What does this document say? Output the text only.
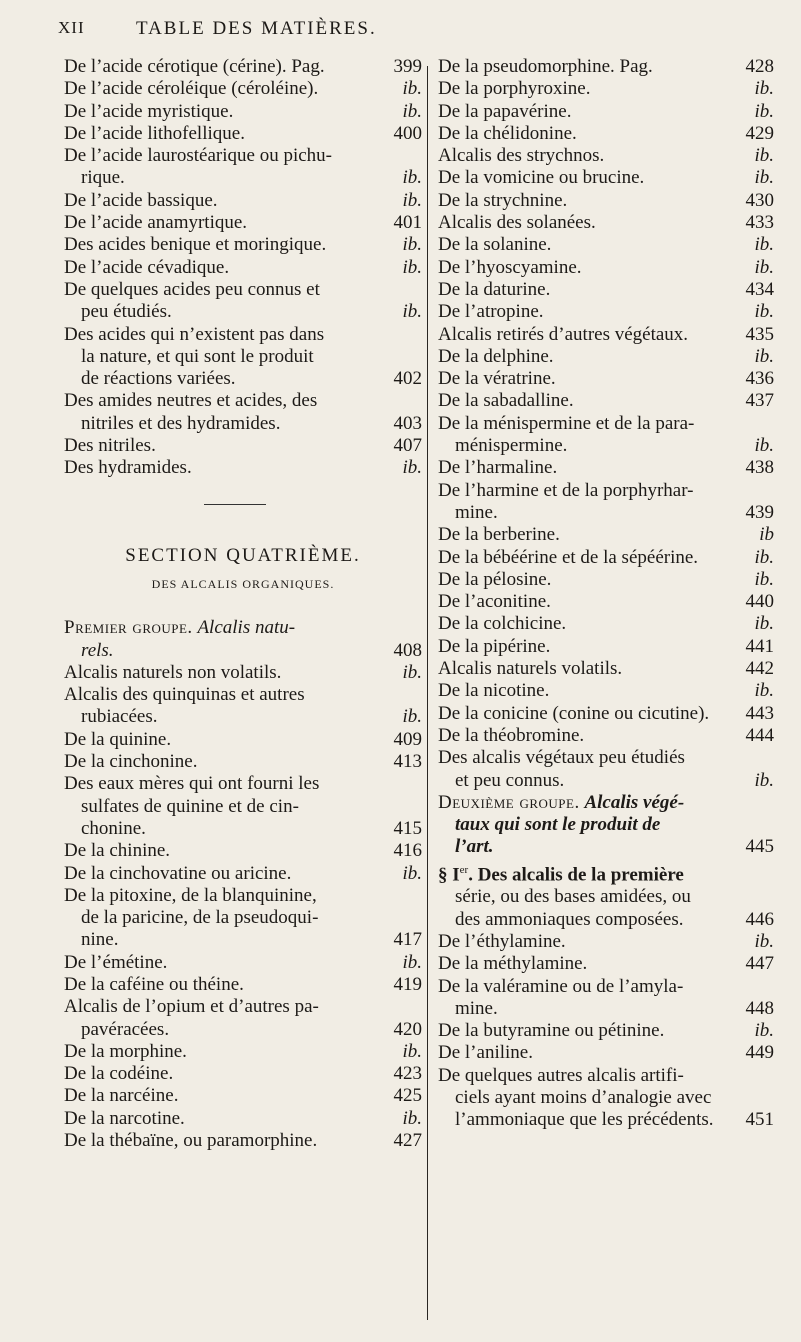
XII	TABLE DES MATIÈRES.
De l’acide cérotique (cérine). Pag.	399
De l’acide céroléique (céroléine).	ib.
De l’acide myristique.	ib.
De l’acide lithofellique.	400
De l’acide laurostéarique ou pichu-
rique.	ib.
De l’acide bassique.	ib.
De l’acide anamyrtique.	401
Des acides benique et moringique.	ib.
De l’acide cévadique.	ib.
De quelques acides peu connus et
peu étudiés.	ib.
Des acides qui n’existent pas dans
la nature, et qui sont le produit
de réactions variées.	402
Des amides neutres et acides, des
nitriles et des hydramides.	403
Des nitriles.	407
Des hydramides.	ib.
SECTION QUATRIÈME.
DES ALCALIS ORGANIQUES.
Premier groupe. Alcalis natu-
rels.	408
Alcalis naturels non volatils.	ib.
Alcalis des quinquinas et autres
rubiacées.	ib.
De la quinine.	409
De la cinchonine.	413
Des eaux mères qui ont fourni les
sulfates de quinine et de cin-
chonine.	415
De la chinine.	416
De la cinchovatine ou aricine.	ib.
De la pitoxine, de la blanquinine,
de la paricine, de la pseudoqui-
nine.	417
De l’émétine.	ib.
De la caféine ou théine.	419
Alcalis de l’opium et d’autres pa-
pavéracées.	420
De la morphine.	ib.
De la codéine.	423
De la narcéine.	425
De la narcotine.	ib.
De la thébaïne, ou paramorphine.	427
De la pseudomorphine. Pag.	428
De la porphyroxine.	ib.
De la papavérine.	ib.
De la chélidonine.	429
Alcalis des strychnos.	ib.
De la vomicine ou brucine.	ib.
De la strychnine.	430
Alcalis des solanées.	433
De la solanine.	ib.
De l’hyoscyamine.	ib.
De la daturine.	434
De l’atropine.	ib.
Alcalis retirés d’autres végétaux.	435
De la delphine.	ib.
De la vératrine.	436
De la sabadalline.	437
De la ménispermine et de la para-
ménispermine.	ib.
De l’harmaline.	438
De l’harmine et de la porphyrhar-
mine.	439
De la berberine.	ib
De la bébéérine et de la sépéérine.	ib.
De la pélosine.	ib.
De l’aconitine.	440
De la colchicine.	ib.
De la pipérine.	441
Alcalis naturels volatils.	442
De la nicotine.	ib.
De la conicine (conine ou cicutine).	443
De la théobromine.	444
Des alcalis végétaux peu étudiés
et peu connus.	ib.
Deuxième groupe. Alcalis végé-
taux qui sont le produit de
l’art.	445
§ Ier. Des alcalis de la première
série, ou des bases amidées, ou
des ammoniaques composées.	446
De l’éthylamine.	ib.
De la méthylamine.	447
De la valéramine ou de l’amyla-
mine.	448
De la butyramine ou pétinine.	ib.
De l’aniline.	449
De quelques autres alcalis artifi-
ciels ayant moins d’analogie avec
l’ammoniaque que les précédents.	451
